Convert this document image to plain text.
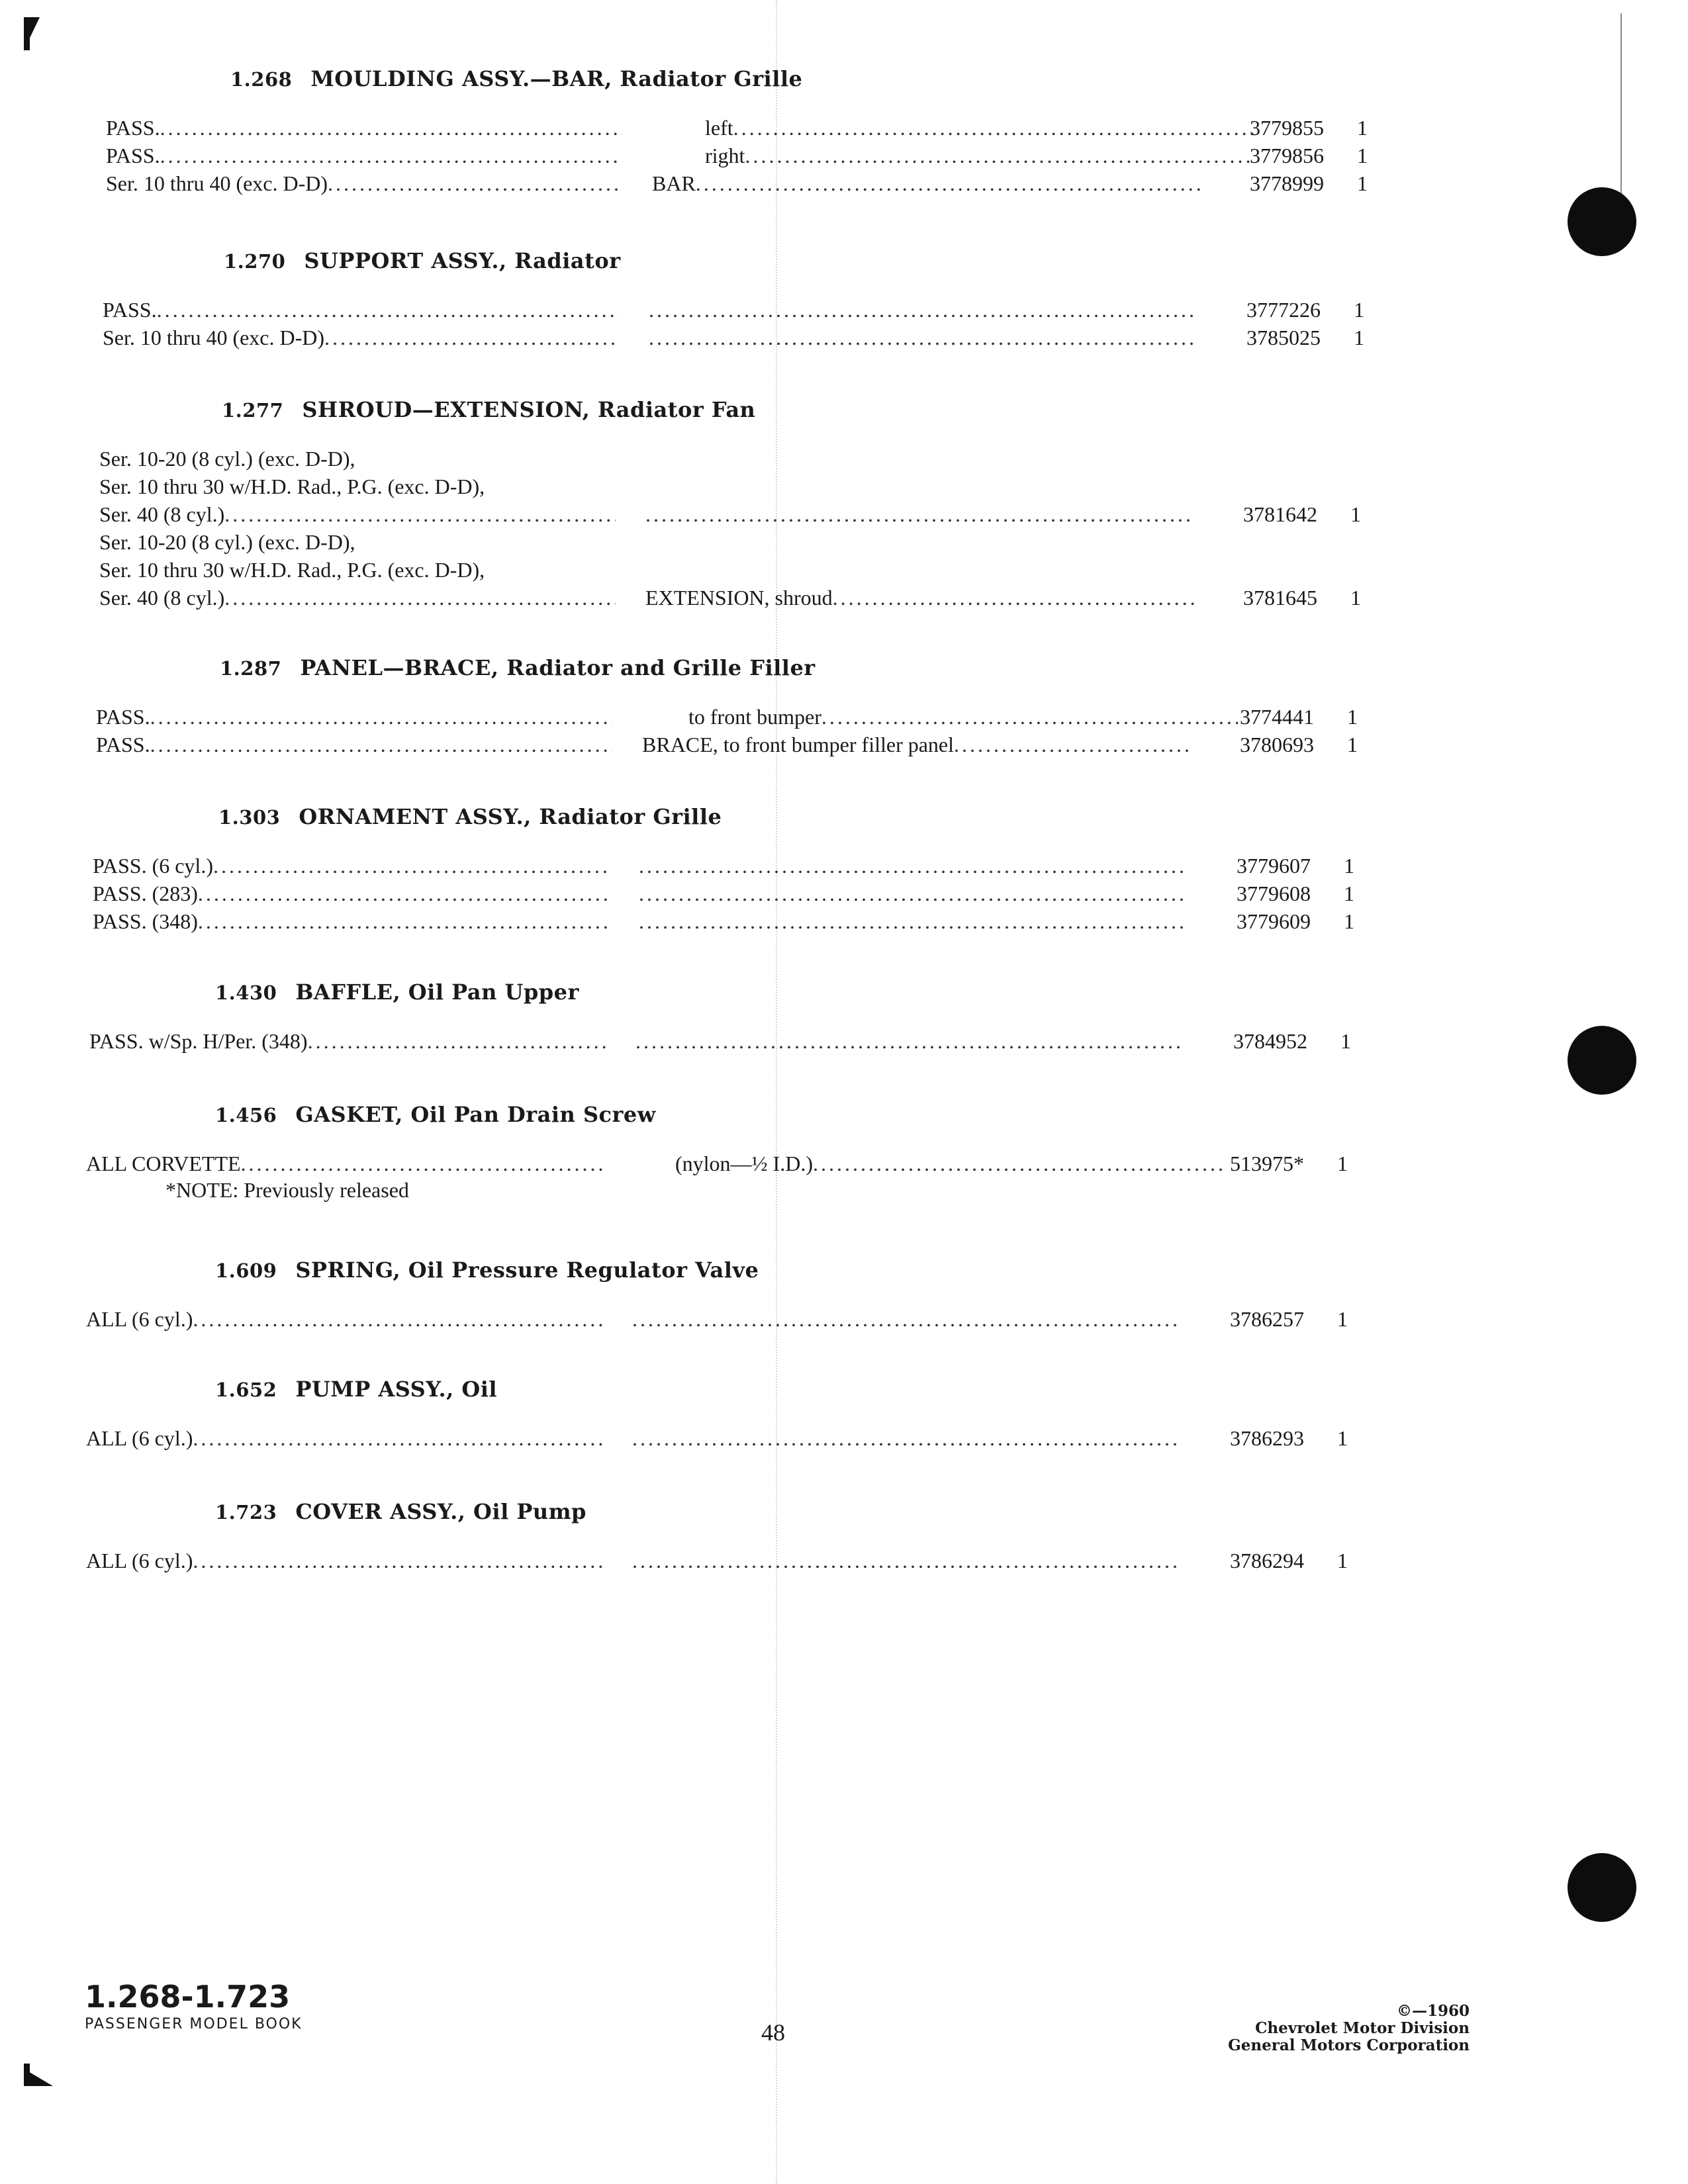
1.268 MOULDING ASSY.—BAR, Radiator Grille
PASS. .....	left .....	3779855 1
PASS. .....	right .....	3779856 1
Ser. 10 thru 40 (exc. D-D) .....	BAR .....	3778999 1
1.270 SUPPORT ASSY., Radiator
PASS. ..... .....	3777226 1
Ser. 10 thru 40 (exc. D-D) ..... .....	3785025 1
1.277 SHROUD—EXTENSION, Radiator Fan
Ser. 10-20 (8 cyl.) (exc. D-D),
Ser. 10 thru 30 w/H.D. Rad., P.G. (exc. D-D),
Ser. 40 (8 cyl.) ..... .....	3781642 1
Ser. 10-20 (8 cyl.) (exc. D-D),
Ser. 10 thru 30 w/H.D. Rad., P.G. (exc. D-D),
Ser. 40 (8 cyl.) .....	EXTENSION, shroud .....	3781645 1
1.287 PANEL—BRACE, Radiator and Grille Filler
PASS. .....	to front bumper .....	3774441 1
PASS. .....	BRACE, to front bumper filler panel .....	3780693 1
1.303 ORNAMENT ASSY., Radiator Grille
PASS. (6 cyl.) ..... .....	3779607 1
PASS. (283) ..... .....	3779608 1
PASS. (348) ..... .....	3779609 1
1.430 BAFFLE, Oil Pan Upper
PASS. w/Sp. H/Per. (348) ..... .....	3784952 1
1.456 GASKET, Oil Pan Drain Screw
ALL CORVETTE .....	(nylon—½ I.D.) .....	513975* 1
*NOTE: Previously released
1.609 SPRING, Oil Pressure Regulator Valve
ALL (6 cyl.) ..... .....	3786257 1
1.652 PUMP ASSY., Oil
ALL (6 cyl.) ..... .....	3786293 1
1.723 COVER ASSY., Oil Pump
ALL (6 cyl.) ..... .....	3786294 1
1.268-1.723
PASSENGER MODEL BOOK	48
©—1960
Chevrolet Motor Division
General Motors Corporation
